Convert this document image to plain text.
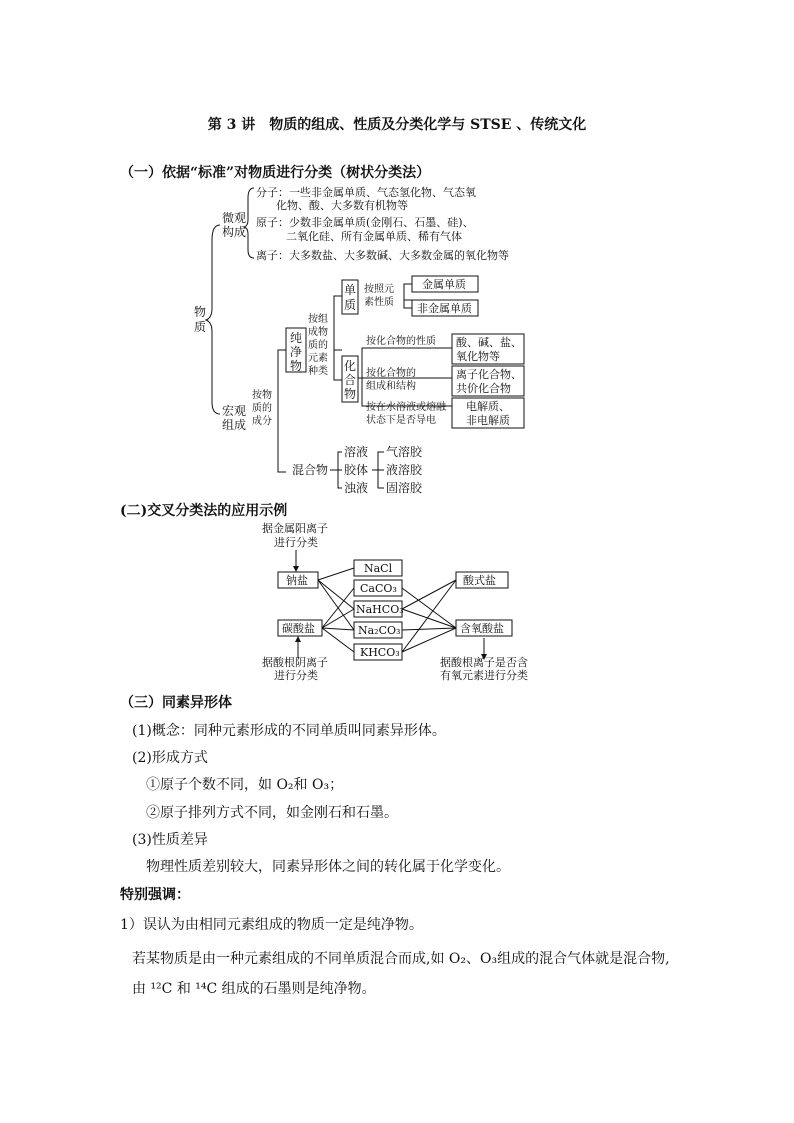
第 3 讲　物质的组成、性质及分类化学与 STSE 、传统文化
（一）依据“标准”对物质进行分类（树状分类法）
物
质
微观
构成
分子：一些非金属单质、气态氢化物、气态氧
化物、酸、大多数有机物等
原子：少数非金属单质(金刚石、石墨、硅)、
二氧化硅、所有金属单质、稀有气体
离子：大多数盐、大多数碱、大多数金属的氧化物等
宏观
组成
按物
质的
成分
纯
净
物
按组
成物
质的
元素
种类
单
质
按照元
素性质
金属单质
非金属单质
化
合
物
按化合物的性质 酸、碱、盐、
氧化物等
按化合物的
组成和结构
离子化合物、
共价化合物
按在水溶液或熔融
状态下是否导电
电解质、
非电解质
混合物
溶液
胶体
浊液
气溶胶
液溶胶
固溶胶
(二)交叉分类法的应用示例
据金属阳离子
进行分类
钠盐
碳酸盐
据酸根阴离子
进行分类
NaCl
CaCO₃
NaHCO₃
Na₂CO₃
KHCO₃
酸式盐
含氧酸盐
据酸根离子是否含
有氧元素进行分类
（三）同素异形体
(1)概念：同种元素形成的不同单质叫同素异形体。
(2)形成方式
①原子个数不同，如 O₂和 O₃；
②原子排列方式不同，如金刚石和石墨。
(3)性质差异
物理性质差别较大，同素异形体之间的转化属于化学变化。
特别强调：
1）误认为由相同元素组成的物质一定是纯净物。
若某物质是由一种元素组成的不同单质混合而成,如 O₂、O₃组成的混合气体就是混合物,
由 ¹²C 和 ¹⁴C 组成的石墨则是纯净物。
